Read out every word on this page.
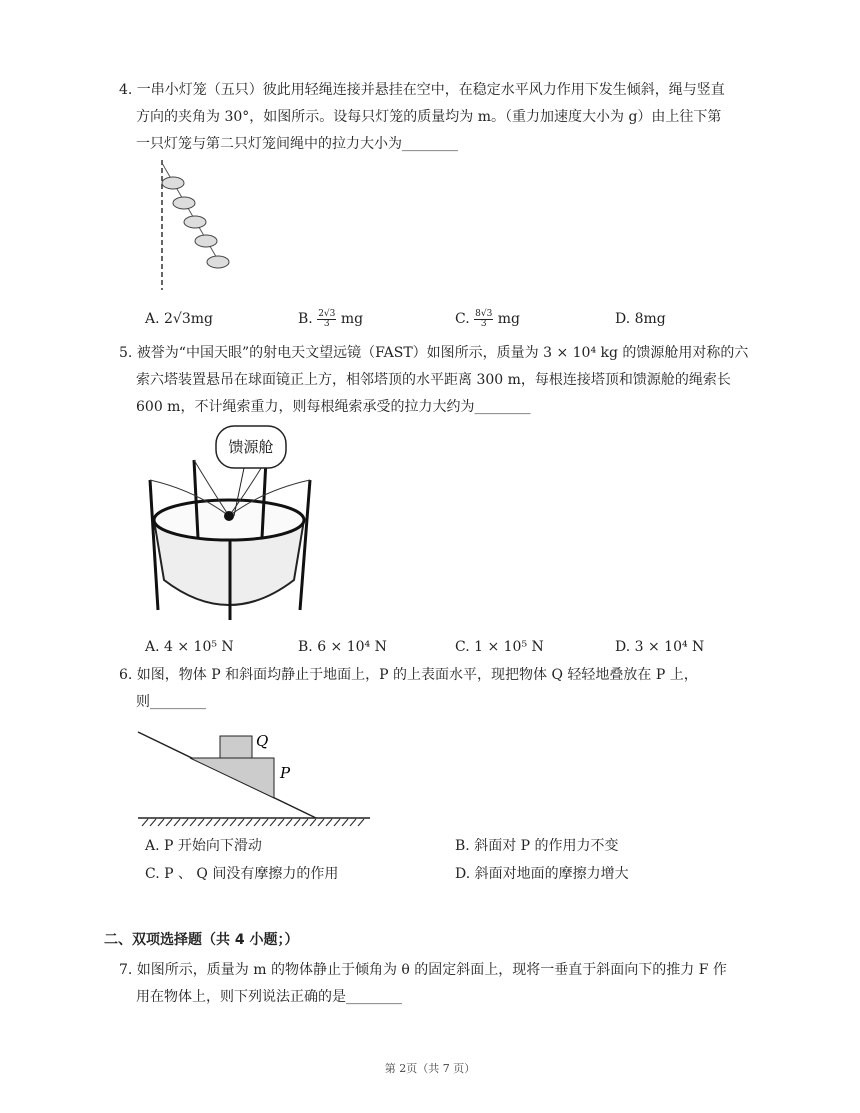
4. 一串小灯笼（五只）彼此用轻绳连接并悬挂在空中，在稳定水平风力作用下发生倾斜，绳与竖直
方向的夹角为 30°，如图所示。设每只灯笼的质量均为 m。（重力加速度大小为 g）由上往下第
一只灯笼与第二只灯笼间绳中的拉力大小为________
A. 2√3mg	B. $\frac{2√3}{3}$ mg	C. $\frac{8√3}{3}$ mg	D. 8mg
5. 被誉为“中国天眼”的射电天文望远镜（FAST）如图所示，质量为 3 × 10⁴ kg 的馈源舱用对称的六
索六塔装置悬吊在球面镜正上方，相邻塔顶的水平距离 300 m，每根连接塔顶和馈源舱的绳索长
600 m，不计绳索重力，则每根绳索承受的拉力大约为________
馈源舱
A. 4 × 10⁵ N	B. 6 × 10⁴ N	C. 1 × 10⁵ N	D. 3 × 10⁴ N
6. 如图，物体 P 和斜面均静止于地面上，P 的上表面水平，现把物体 Q 轻轻地叠放在 P 上，
则________
Q
P
A. P 开始向下滑动	B. 斜面对 P 的作用力不变
C. P 、 Q 间没有摩擦力的作用	D. 斜面对地面的摩擦力增大
二、双项选择题（共 4 小题；）
7. 如图所示，质量为 m 的物体静止于倾角为 θ 的固定斜面上，现将一垂直于斜面向下的推力 F 作
用在物体上，则下列说法正确的是________
第 2页（共 7 页）
